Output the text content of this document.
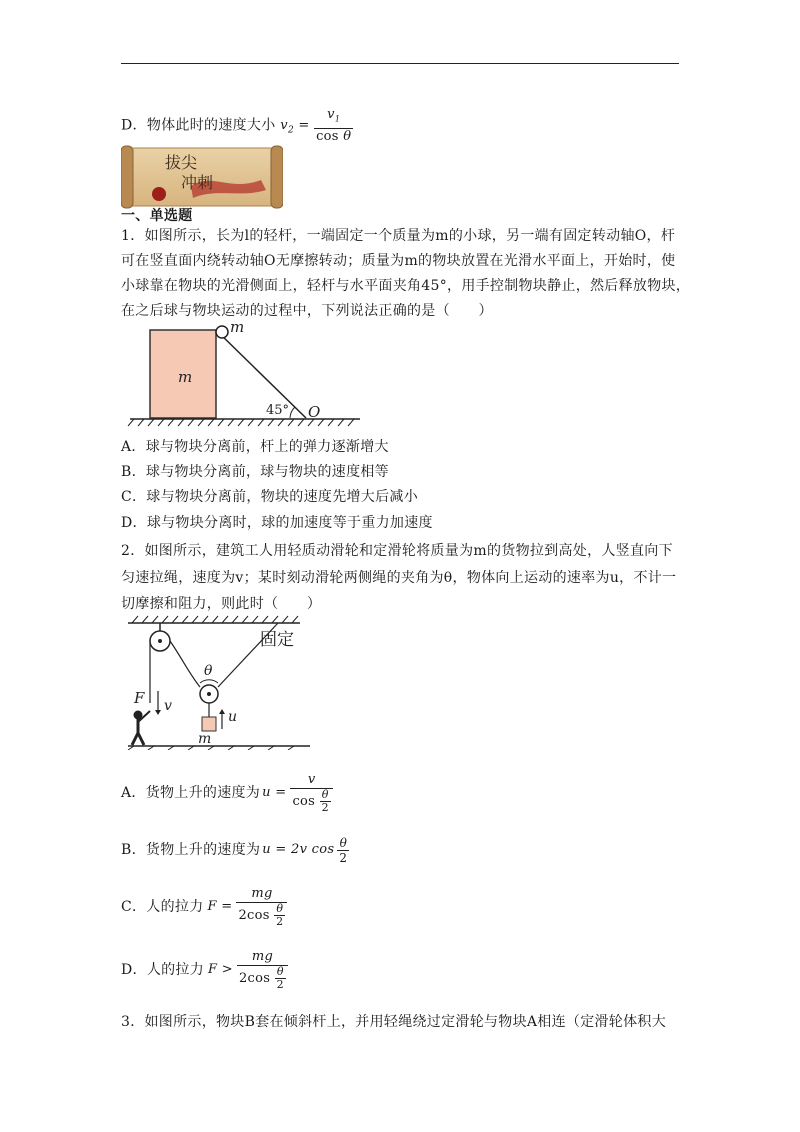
D．物体此时的速度大小 $v_2 = \frac{v_1}{\text{cos θ}}$
拔尖
冲刺
一、单选题
1．如图所示，长为l的轻杆，一端固定一个质量为m的小球，另一端有固定转动轴O，杆
可在竖直面内绕转动轴O无摩擦转动；质量为m的物块放置在光滑水平面上，开始时，使
小球靠在物块的光滑侧面上，轻杆与水平面夹角45°，用手控制物块静止，然后释放物块，
在之后球与物块运动的过程中，下列说法正确的是（　　）
m
m
45° O
A．球与物块分离前，杆上的弹力逐渐增大
B．球与物块分离前，球与物块的速度相等
C．球与物块分离前，物块的速度先增大后减小
D．球与物块分离时，球的加速度等于重力加速度
2．如图所示，建筑工人用轻质动滑轮和定滑轮将质量为m的货物拉到高处，人竖直向下
匀速拉绳，速度为v；某时刻动滑轮两侧绳的夹角为θ，物体向上运动的速率为u，不计一
切摩擦和阻力，则此时（　　）
θ
固定
m
u
v
F
A．货物上升的速度为 $u = \frac{v}{\cos \frac{\theta}{2}}$
B．货物上升的速度为 u = 2v $\cos \frac{\theta}{2}$
C．人的拉力 $F = \frac{mg}{2\cos \frac{\theta}{2}}$
D．人的拉力 $F > \frac{mg}{2\cos \frac{\theta}{2}}$
3．如图所示，物块B套在倾斜杆上，并用轻绳绕过定滑轮与物块A相连（定滑轮体积大
